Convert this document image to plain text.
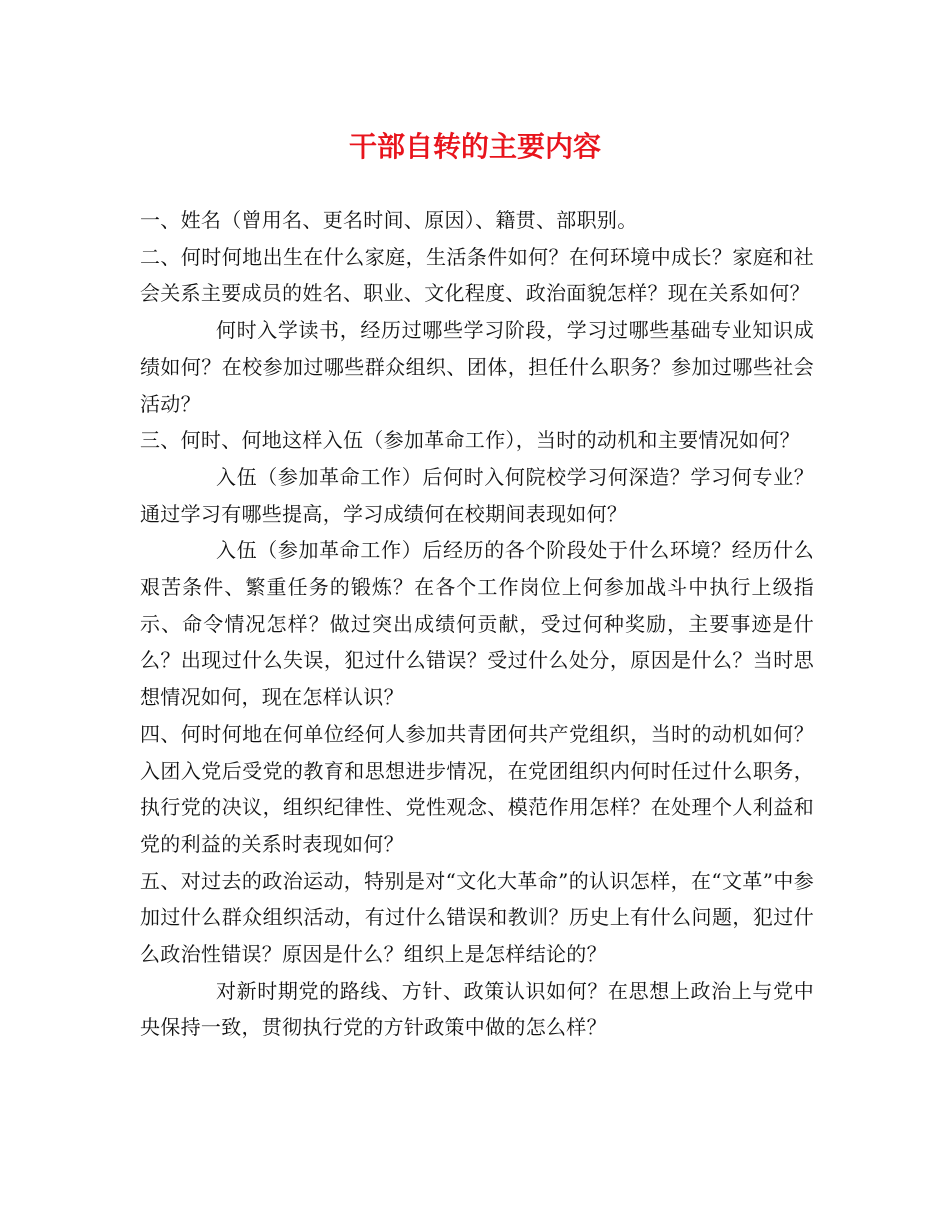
干部自转的主要内容

一、姓名（曾用名、更名时间、原因）、籍贯、部职别。

二、何时何地出生在什么家庭，生活条件如何？在何环境中成长？家庭和社会关系主要成员的姓名、职业、文化程度、政治面貌怎样？现在关系如何？

何时入学读书，经历过哪些学习阶段，学习过哪些基础专业知识成绩如何？在校参加过哪些群众组织、团体，担任什么职务？参加过哪些社会活动？

三、何时、何地这样入伍（参加革命工作），当时的动机和主要情况如何？

入伍（参加革命工作）后何时入何院校学习何深造？学习何专业？通过学习有哪些提高，学习成绩何在校期间表现如何？

入伍（参加革命工作）后经历的各个阶段处于什么环境？经历什么艰苦条件、繁重任务的锻炼？在各个工作岗位上何参加战斗中执行上级指示、命令情况怎样？做过突出成绩何贡献，受过何种奖励，主要事迹是什么？出现过什么失误，犯过什么错误？受过什么处分，原因是什么？当时思想情况如何，现在怎样认识？

四、何时何地在何单位经何人参加共青团何共产党组织，当时的动机如何？入团入党后受党的教育和思想进步情况，在党团组织内何时任过什么职务，执行党的决议，组织纪律性、党性观念、模范作用怎样？在处理个人利益和党的利益的关系时表现如何？

五、对过去的政治运动，特别是对“文化大革命”的认识怎样，在“文革”中参加过什么群众组织活动，有过什么错误和教训？历史上有什么问题，犯过什么政治性错误？原因是什么？组织上是怎样结论的？

对新时期党的路线、方针、政策认识如何？在思想上政治上与党中央保持一致，贯彻执行党的方针政策中做的怎么样？
